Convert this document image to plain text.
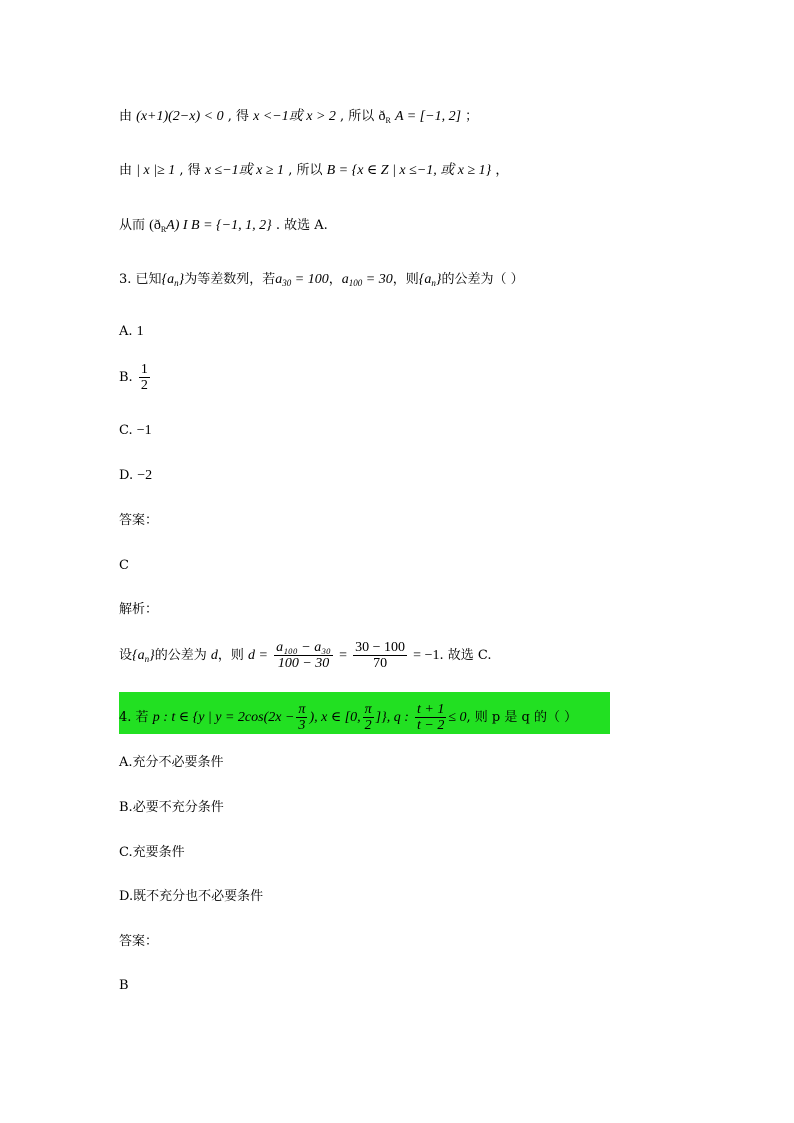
由 (x+1)(2−x) < 0 , 得 x <−1或 x > 2 , 所以 $ð_R$ A = [−1, 2] ；
由 | x |≥ 1 , 得 x ≤−1或 x ≥ 1 , 所以 B = {x ∈ Z | x ≤−1, 或 x ≥ 1} ，
从而 $(ð_RA)$ I B = {−1, 1, 2} . 故选 A.
3. 已知$\{a_n\}$为等差数列，若$a_{30} = 100$，$a_{100} = 30$，则$\{a_n\}$的公差为（ ）
A. 1
B. $\frac{1}{2}$
C. −1
D. −2
答案：
C
解析：
设$\{a_n\}$的公差为 d，则 $d = \frac{\text{a₁₀₀ − a₃₀}}{100 - 30} = \frac{30 - 100}{70} = -1$. 故选 C.
4. 若 p : t ∈ {y | $y = 2\cos(2x - \frac{\pi}{3}$ ), x ∈ [0, $\frac{\pi}{2}$ ]}, q : $\frac{t + 1}{t - 2} \le 0$, 则 p 是 q 的（ ）
A.充分不必要条件
B.必要不充分条件
C.充要条件
D.既不充分也不必要条件
答案：
B
